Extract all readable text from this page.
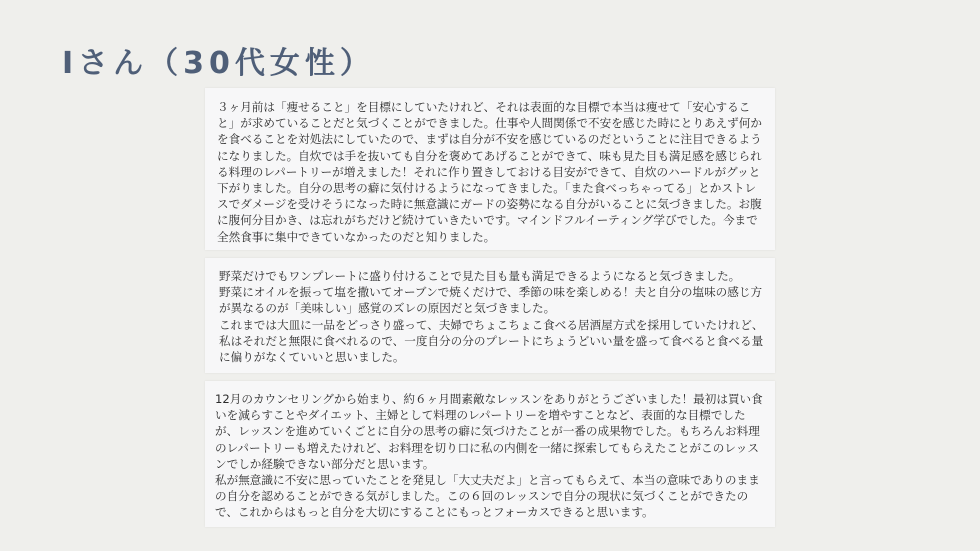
Iさん（30代女性）
３ヶ月前は「痩せること」を目標にしていたけれど、それは表面的な目標で本当は痩せて「安心すること」が求めていることだと気づくことができました。仕事や人間関係で不安を感じた時にとりあえず何かを食べることを対処法にしていたので、まずは自分が不安を感じているのだということに注目できるようになりました。自炊では手を抜いても自分を褒めてあげることができて、味も見た目も満足感を感じられる料理のレパートリーが増えました！それに作り置きしておける目安ができて、自炊のハードルがグッと下がりました。自分の思考の癖に気付けるようになってきました。「また食べっちゃってる」とかストレスでダメージを受けそうになった時に無意識にガードの姿勢になる自分がいることに気づきました。お腹に腹何分目かき、は忘れがちだけど続けていきたいです。マインドフルイーティング学びでした。今まで全然食事に集中できていなかったのだと知りました。
野菜だけでもワンプレートに盛り付けることで見た目も量も満足できるようになると気づきました。
野菜にオイルを振って塩を撒いてオーブンで焼くだけで、季節の味を楽しめる！夫と自分の塩味の感じ方が異なるのが「美味しい」感覚のズレの原因だと気づきました。
これまでは大皿に一品をどっさり盛って、夫婦でちょこちょこ食べる居酒屋方式を採用していたけれど、私はそれだと無限に食べれるので、一度自分の分のプレートにちょうどいい量を盛って食べると食べる量に偏りがなくていいと思いました。
12月のカウンセリングから始まり、約６ヶ月間素敵なレッスンをありがとうございました！最初は買い食いを減らすことやダイエット、主婦として料理のレパートリーを増やすことなど、表面的な目標でしたが、レッスンを進めていくごとに自分の思考の癖に気づけたことが一番の成果物でした。もちろんお料理のレパートリーも増えたけれど、お料理を切り口に私の内側を一緒に探索してもらえたことがこのレッスンでしか経験できない部分だと思います。
私が無意識に不安に思っていたことを発見し「大丈夫だよ」と言ってもらえて、本当の意味でありのままの自分を認めることができる気がしました。この６回のレッスンで自分の現状に気づくことができたので、これからはもっと自分を大切にすることにもっとフォーカスできると思います。
